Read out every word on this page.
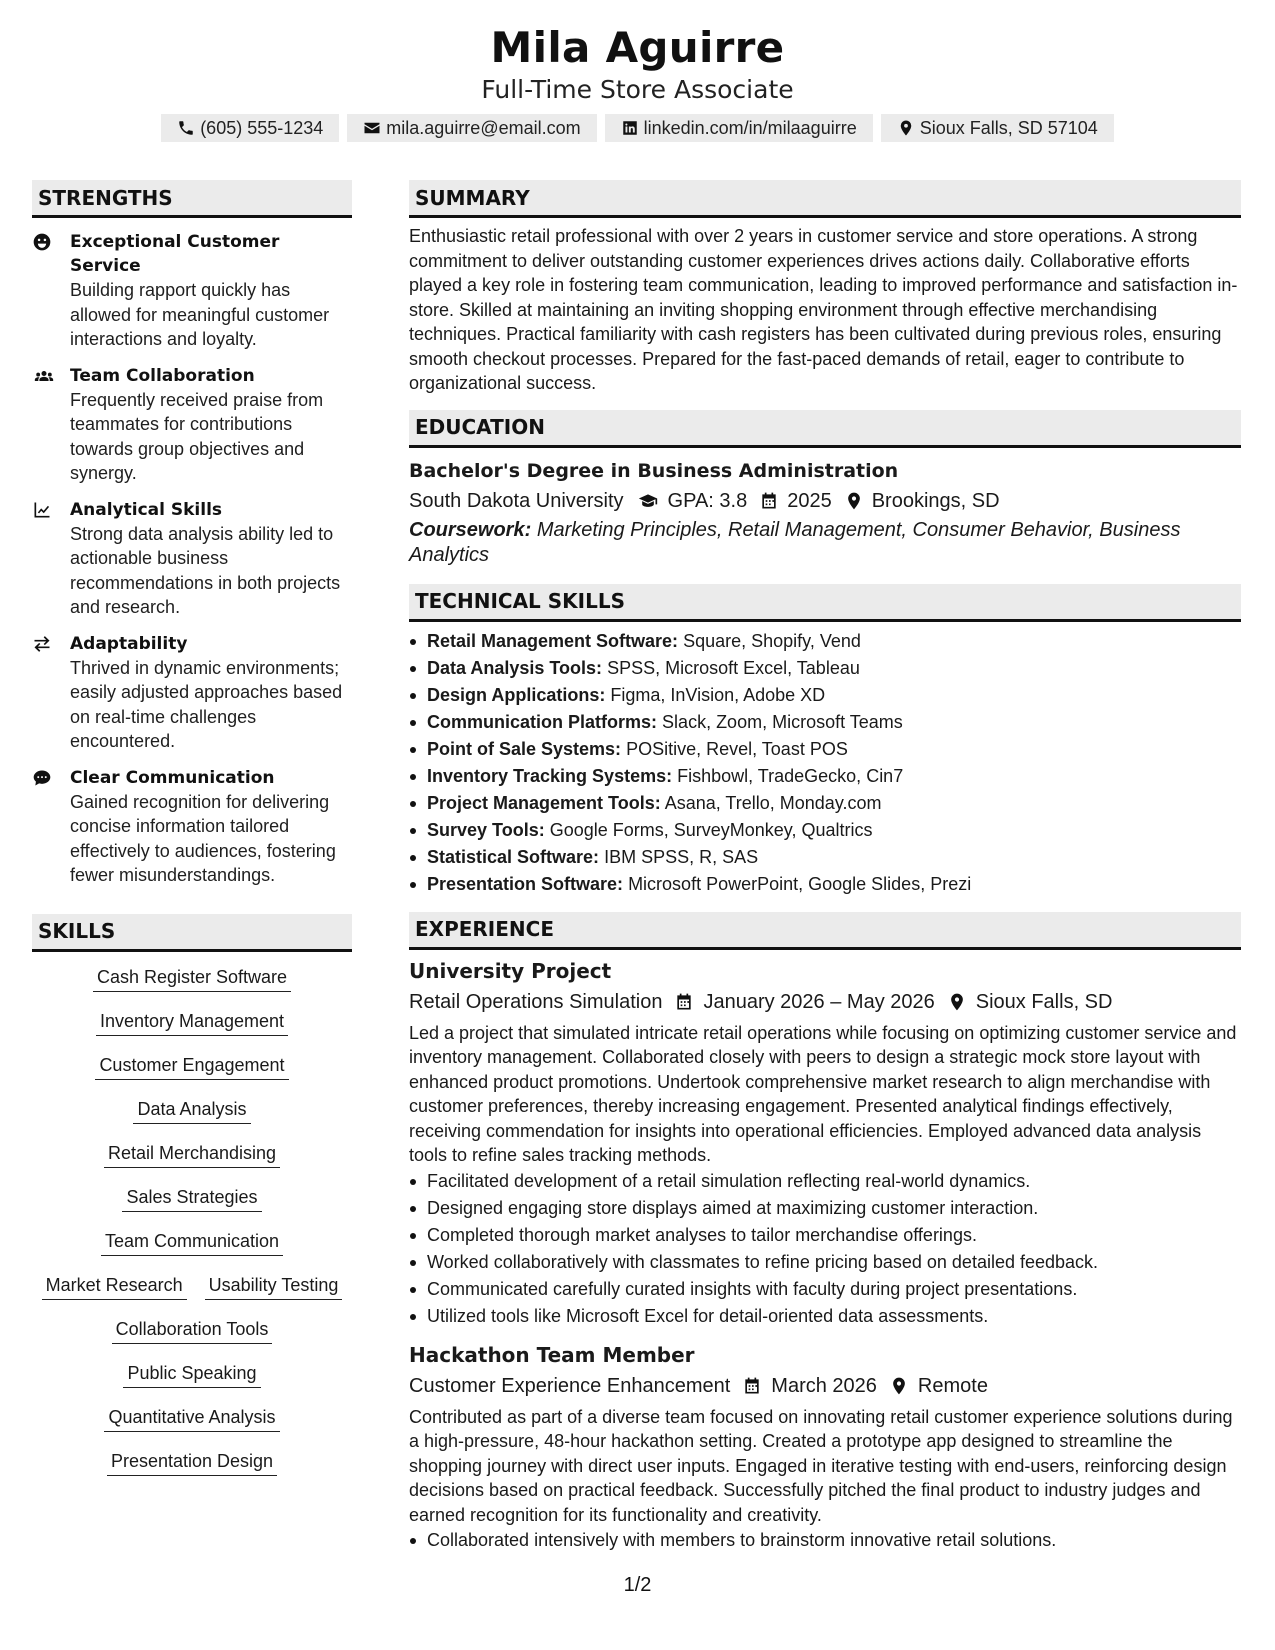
Mila Aguirre
Full-Time Store Associate
(605) 555-1234	mila.aguirre@email.com	linkedin.com/in/milaaguirre	Sioux Falls, SD 57104
STRENGTHS
Exceptional Customer Service
Building rapport quickly has allowed for meaningful customer interactions and loyalty.
Team Collaboration
Frequently received praise from teammates for contributions towards group objectives and synergy.
Analytical Skills
Strong data analysis ability led to actionable business recommendations in both projects and research.
Adaptability
Thrived in dynamic environments; easily adjusted approaches based on real-time challenges encountered.
Clear Communication
Gained recognition for delivering concise information tailored effectively to audiences, fostering fewer misunderstandings.
SKILLS
Cash Register Software
Inventory Management
Customer Engagement
Data Analysis
Retail Merchandising
Sales Strategies
Team Communication
Market Research Usability Testing
Collaboration Tools
Public Speaking
Quantitative Analysis
Presentation Design
SUMMARY
Enthusiastic retail professional with over 2 years in customer service and store operations. A strong commitment to deliver outstanding customer experiences drives actions daily. Collaborative efforts played a key role in fostering team communication, leading to improved performance and satisfaction in-store. Skilled at maintaining an inviting shopping environment through effective merchandising techniques. Practical familiarity with cash registers has been cultivated during previous roles, ensuring smooth checkout processes. Prepared for the fast-paced demands of retail, eager to contribute to organizational success.
EDUCATION
Bachelor's Degree in Business Administration
South Dakota University GPA: 3.8 2025 Brookings, SD
Coursework: Marketing Principles, Retail Management, Consumer Behavior, Business Analytics
TECHNICAL SKILLS
Retail Management Software: Square, Shopify, Vend
Data Analysis Tools: SPSS, Microsoft Excel, Tableau
Design Applications: Figma, InVision, Adobe XD
Communication Platforms: Slack, Zoom, Microsoft Teams
Point of Sale Systems: POSitive, Revel, Toast POS
Inventory Tracking Systems: Fishbowl, TradeGecko, Cin7
Project Management Tools: Asana, Trello, Monday.com
Survey Tools: Google Forms, SurveyMonkey, Qualtrics
Statistical Software: IBM SPSS, R, SAS
Presentation Software: Microsoft PowerPoint, Google Slides, Prezi
EXPERIENCE
University Project
Retail Operations Simulation January 2026 – May 2026 Sioux Falls, SD
Led a project that simulated intricate retail operations while focusing on optimizing customer service and inventory management. Collaborated closely with peers to design a strategic mock store layout with enhanced product promotions. Undertook comprehensive market research to align merchandise with customer preferences, thereby increasing engagement. Presented analytical findings effectively, receiving commendation for insights into operational efficiencies. Employed advanced data analysis tools to refine sales tracking methods.
Facilitated development of a retail simulation reflecting real-world dynamics.
Designed engaging store displays aimed at maximizing customer interaction.
Completed thorough market analyses to tailor merchandise offerings.
Worked collaboratively with classmates to refine pricing based on detailed feedback.
Communicated carefully curated insights with faculty during project presentations.
Utilized tools like Microsoft Excel for detail-oriented data assessments.
Hackathon Team Member
Customer Experience Enhancement March 2026 Remote
Contributed as part of a diverse team focused on innovating retail customer experience solutions during a high-pressure, 48-hour hackathon setting. Created a prototype app designed to streamline the shopping journey with direct user inputs. Engaged in iterative testing with end-users, reinforcing design decisions based on practical feedback. Successfully pitched the final product to industry judges and earned recognition for its functionality and creativity.
Collaborated intensively with members to brainstorm innovative retail solutions.
1/2
